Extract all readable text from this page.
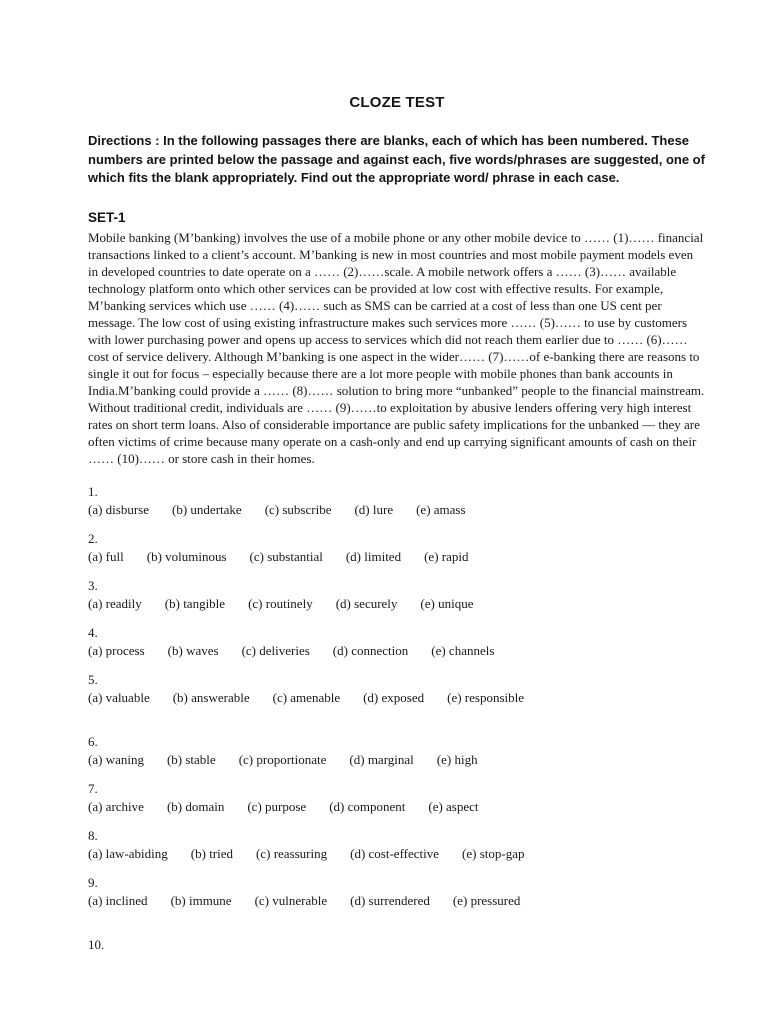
CLOZE TEST

Directions : In the following passages there are blanks, each of which has been numbered. These numbers are printed below the passage and against each, five words/phrases are suggested, one of which fits the blank appropriately. Find out the appropriate word/ phrase in each case.

SET-1

Mobile banking (M’banking) involves the use of a mobile phone or any other mobile device to …… (1)…… financial transactions linked to a client’s account. M’banking is new in most countries and most mobile payment models even in developed countries to date operate on a …… (2)……scale. A mobile network offers a …… (3)…… available technology platform onto which other services can be provided at low cost with effective results. For example, M’banking services which use …… (4)…… such as SMS can be carried at a cost of less than one US cent per message. The low cost of using existing infrastructure makes such services more …… (5)…… to use by customers with lower purchasing power and opens up access to services which did not reach them earlier due to …… (6)…… cost of service delivery. Although M’banking is one aspect in the wider…… (7)……of e-banking there are reasons to single it out for focus – especially because there are a lot more people with mobile phones than bank accounts in India.M’banking could provide a …… (8)…… solution to bring more “unbanked” people to the financial mainstream. Without traditional credit, individuals are …… (9)……to exploitation by abusive lenders offering very high interest rates on short term loans. Also of considerable importance are public safety implications for the unbanked — they are often victims of crime because many operate on a cash-only and end up carrying significant amounts of cash on their …… (10)…… or store cash in their homes.

1.
(a) disburse (b) undertake (c) subscribe (d) lure (e) amass
2.
(a) full (b) voluminous (c) substantial (d) limited (e) rapid
3.
(a) readily (b) tangible (c) routinely (d) securely (e) unique
4.
(a) process (b) waves (c) deliveries (d) connection (e) channels
5.
(a) valuable (b) answerable (c) amenable (d) exposed (e) responsible
6.
(a) waning (b) stable (c) proportionate (d) marginal (e) high
7.
(a) archive (b) domain (c) purpose (d) component (e) aspect
8.
(a) law-abiding (b) tried (c) reassuring (d) cost-effective (e) stop-gap
9.
(a) inclined (b) immune (c) vulnerable (d) surrendered (e) pressured
10.
